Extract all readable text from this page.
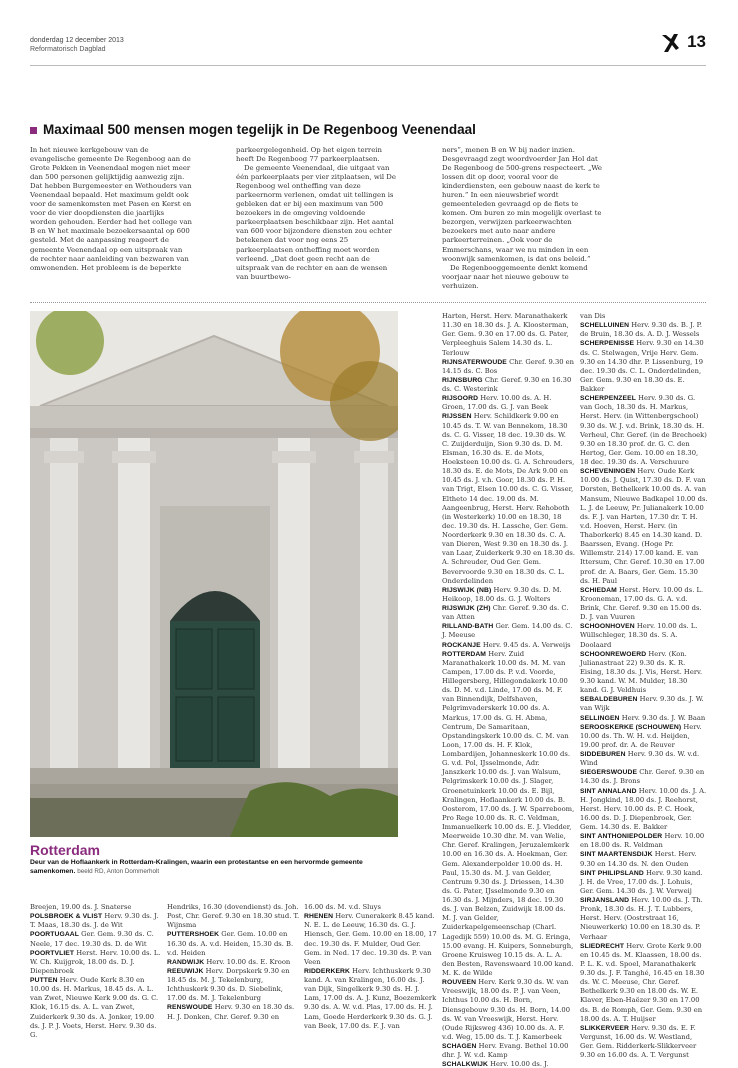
donderdag 12 december 2013
Reformatorisch Dagblad	13
Maximaal 500 mensen mogen tegelijk in De Regenboog Veenendaal

In het nieuwe kerkgebouw van de evangelische gemeente De Regenboog aan de Grote Pekken in Veenendaal mogen niet meer dan 500 personen gelijktijdig aanwezig zijn. Dat hebben Burgemeester en Wethouders van Veenendaal bepaald. Het maximum geldt ook voor de samenkomsten met Pasen en Kerst en voor de vier doopdiensten die jaarlijks worden gehouden. Eerder had het college van B en W het maximale bezoekersaantal op 600 gesteld. Met de aanpassing reageert de gemeente Veenendaal op een uitspraak van de rechter naar aanleiding van bezwaren van omwonenden. Het probleem is de beperkte

parkeergelegenheid. Op het eigen terrein heeft De Regenboog 77 parkeerplaatsen.

De gemeente Veenendaal, die uitgaat van één parkeerplaats per vier zitplaatsen, wil De Regenboog wel ontheffing van deze parkeernorm verlenen, omdat uit tellingen is gebleken dat er bij een maximum van 500 bezoekers in de omgeving voldoende parkeerplaatsen beschikbaar zijn. Het aantal van 600 voor bijzondere diensten zou echter betekenen dat voor nog eens 25 parkeerplaatsen ontheffing moet worden verleend. „Dat doet geen recht aan de uitspraak van de rechter en aan de wensen van buurtbewo-

ners”, menen B en W bij nader inzien. Desgevraagd zegt woordvoerder Jan Hol dat De Regenboog de 500-grens respecteert. „We lossen dit op door, vooral voor de kinderdiensten, een gebouw naast de kerk te huren.” In een nieuwsbrief wordt gemeenteleden gevraagd op de fiets te komen. Om buren zo min mogelijk overlast te bezorgen, verwijzen parkeerwachten bezoekers met auto naar andere parkeerterreinen. „Ook voor de Emmerschans, waar we nu minden in een woonwijk samenkomen, is dat ons beleid.”

De Regenbooggemeente denkt komend voorjaar naar het nieuwe gebouw te verhuizen.

Rotterdam
Deur van de Hoflaankerk in Rotterdam-Kralingen, waarin een protestantse en een hervormde gemeente samenkomen. beeld RD, Anton Dommerholt

Breejen, 19.00 ds. J. Snaterse

POLSBROEK & VLIST Herv. 9.30 ds. J. T. Maas, 18.30 ds. J. de Wit

POORTUGAAL Ger. Gem. 9.30 ds. C. Neele, 17 dec. 19.30 ds. D. de Wit

POORTVLIET Herst. Herv. 10.00 ds. L. W. Ch. Kuijgrok, 18.00 ds. D. J. Diepenbroek

PUTTEN Herv. Oude Kerk 8.30 en 10.00 ds. H. Markus, 18.45 ds. A. L. van Zwet, Nieuwe Kerk 9.00 ds. G. C. Klok, 16.15 ds. A. L. van Zwet, Zuiderkerk 9.30 ds. A. Jonker, 19.00 ds. J. P. J. Voets, Herst. Herv. 9.30 ds. G.

Hendriks, 16.30 (dovendienst) ds. Joh. Post, Chr. Geref. 9.30 en 18.30 stud. T. Wijnsma

PUTTERSHOEK Ger. Gem. 10.00 en 16.30 ds. A. v.d. Heiden, 15.30 ds. B. v.d. Heiden

RANDWIJK Herv. 10.00 ds. E. Kroon

REEUWIJK Herv. Dorpskerk 9.30 en 18.45 ds. M. J. Tekelenburg, Ichthuskerk 9.30 ds. D. Siebelink, 17.00 ds. M. J. Tekelenburg

RENSWOUDE Herv. 9.30 en 18.30 ds. H. J. Donken, Chr. Geref. 9.30 en

16.00 ds. M. v.d. Sluys

RHENEN Herv. Cunerakerk 8.45 kand. N. E. L. de Leeuw, 16.30 ds. G. J. Hiensch, Ger. Gem. 10.00 en 18.00, 17 dec. 19.30 ds. F. Mulder, Oud Ger. Gem. in Ned. 17 dec. 19.30 ds. P. van Veen

RIDDERKERK Herv. Ichthuskerk 9.30 kand. A. van Kralingen, 16.00 ds. J. van Dijk, Singelkerk 9.30 ds. H. J. Lam, 17.00 ds. A. J. Kunz, Boezemkerk 9.30 ds. A. W. v.d. Plas, 17.00 ds. H. J. Lam, Goede Herderkerk 9.30 ds. G. J. van Beek, 17.00 ds. F. J. van

Harten, Herst. Herv. Maranathakerk 11.30 en 18.30 ds. J. A. Kloosterman, Ger. Gem. 9.30 en 17.00 ds. G. Pater, Verpleeghuis Salem 14.30 ds. L. Terlouw

RIJNSATERWOUDE Chr. Geref. 9.30 en 14.15 ds. C. Bos

RIJNSBURG Chr. Geref. 9.30 en 16.30 ds. C. Westerink

RIJSOORD Herv. 10.00 ds. A. H. Groen, 17.00 ds. G. J. van Beek

RIJSSEN Herv. Schildkerk 9.00 en 10.45 ds. T. W. van Bennekom, 18.30 ds. C. G. Visser, 18 dec. 19.30 ds. W. C. Zuijderduijn, Sion 9.30 ds. D. M. Elsman, 16.30 ds. E. de Mots, Hoeksteen 10.00 ds. G. A. Schreuders, 18.30 ds. E. de Mots, De Ark 9.00 en 10.45 ds. J. v.h. Goor, 18.30 ds. P. H. van Trigt, Elsen 10.00 ds. C. G. Visser, Eltheto 14 dec. 19.00 ds. M. Aangeenbrug, Herst. Herv. Rehoboth (in Westerkerk) 10.00 en 18.30, 18 dec. 19.30 ds. H. Lassche, Ger. Gem. Noorderkerk 9.30 en 18.30 ds. C. A. van Dieren, West 9.30 en 18.30 ds. J. van Laar, Zuiderkerk 9.30 en 18.30 ds. A. Schreuder, Oud Ger. Gem. Bevervoorde 9.30 en 18.30 ds. C. L. Onderdelinden

RIJSWIJK (NB) Herv. 9.30 ds. D. M. Heikoop, 18.00 ds. G. J. Wolters

RIJSWIJK (ZH) Chr. Geref. 9.30 ds. C. van Atten

RILLAND-BATH Ger. Gem. 14.00 ds. C. J. Meeuse

ROCKANJE Herv. 9.45 ds. A. Verweijs

ROTTERDAM Herv. Zuid Maranathakerk 10.00 ds. M. M. van Campen, 17.00 ds. P. v.d. Voorde, Hillegersberg, Hillegondakerk 10.00 ds. D. M. v.d. Linde, 17.00 ds. M. F. van Binnendijk, Delfshaven, Pelgrimvaderskerk 10.00 ds. A. Markus, 17.00 ds. G. H. Abma, Centrum, De Samaritaan, Opstandingskerk 10.00 ds. C. M. van Loon, 17.00 ds. H. F. Klok, Lombardijen, Johanneskerk 10.00 ds. G. v.d. Pol, IJsselmonde, Adr. Janszkerk 10.00 ds. J. van Walsum, Pelgrimskerk 10.00 ds. J. Slager, Groenetuinkerk 10.00 ds. E. Bijl, Kralingen, Hoflaankerk 10.00 ds. B. Oosterom, 17.00 ds. J. W. Sparreboom, Pro Rege 10.00 ds. R. C. Veldman, Immanuelkerk 10.00 ds. E. J. Vledder, Meerweide 10.30 dhr. M. van Welie, Chr. Geref. Kralingen, Jeruzalemkerk 10.00 en 16.30 ds. A. Hoekman, Ger. Gem. Alexanderpolder 10.00 ds. H. Paul, 15.30 ds. M. J. van Gelder, Centrum 9.30 ds. J. Driessen, 14.30 ds. G. Pater, IJsselmonde 9.30 en 16.30 ds. J. Mijnders, 18 dec. 19.30 ds. J. van Belzen, Zuidwijk 18.00 ds. M. J. van Gelder, Zuiderkapelgemeenschap (Charl. Lagedijk 559) 10.00 ds. M. G. Eringa, 15.00 evang. H. Kuipers, Sonneburgh, Groene Kruisweg 10.15 ds. A. L. A. den Besten, Ravenswaard 10.00 kand. M. K. de Wilde

ROUVEEN Herv. Kerk 9.30 ds. W. van Vreeswijk, 18.00 ds. P. J. van Veen, Ichthus 10.00 ds. H. Born, Diensgebouw 9.30 ds. H. Born, 14.00 ds. W. van Vreeswijk, Herst. Herv. (Oude Rijksweg 436) 10.00 ds. A. F. v.d. Weg, 15.00 ds. T. J. Kamerbeek

SCHAGEN Herv. Evang. Bethel 10.00 dhr. J. W. v.d. Kamp

SCHALKWIJK Herv. 10.00 ds. J.

van Dis

SCHELLUINEN Herv. 9.30 ds. B. J. P. de Bruin, 18.30 ds. A. D. J. Wessels

SCHERPENISSE Herv. 9.30 en 14.30 ds. C. Stelwagen, Vrije Herv. Gem. 9.30 en 14.30 dhr. P. Lissenburg, 19 dec. 19.30 ds. C. L. Onderdelinden, Ger. Gem. 9.30 en 18.30 ds. E. Bakker

SCHERPENZEEL Herv. 9.30 ds. G. van Goch, 18.30 ds. H. Markus, Herst. Herv. (in Wittenbergschool) 9.30 ds. W. J. v.d. Brink, 18.30 ds. H. Verheul, Chr. Geref. (in de Brechoek) 9.30 en 18.30 prof. dr. G. C. den Hertog, Ger. Gem. 10.00 en 18.30, 18 dec. 19.30 ds. A. Verschuure

SCHEVENINGEN Herv. Oude Kerk 10.00 ds. J. Quist, 17.30 ds. D. F. van Dorsten, Bethelkerk 10.00 ds. A. van Mansum, Nieuwe Badkapel 10.00 ds. L. J. de Leeuw, Pr. Julianakerk 10.00 ds. F. J. van Harten, 17.30 dr. T. H. v.d. Hoeven, Herst. Herv. (in Thaborkerk) 8.45 en 14.30 kand. D. Baarssen, Evang. (Hoge Pr. Willemstr. 214) 17.00 kand. E. van Ittersum, Chr. Geref. 10.30 en 17.00 prof. dr. A. Baars, Ger. Gem. 15.30 ds. H. Paul

SCHIEDAM Herst. Herv. 10.00 ds. L. Krooneman, 17.00 ds. G. A. v.d. Brink, Chr. Geref. 9.30 en 15.00 ds. D. J. van Vuuren

SCHOONHOVEN Herv. 10.00 ds. L. Wüllschleger, 18.30 ds. S. A. Doolaard

SCHOONREWOERD Herv. (Kon. Julianastraat 22) 9.30 ds. K. R. Eising, 18.30 ds. J. Vis, Herst. Herv. 9.30 kand. W. M. Mulder, 18.30 kand. G. J. Veldhuis

SEBALDEBUREN Herv. 9.30 ds. J. W. van Wijk

SELLINGEN Herv. 9.30 ds. J. W. Baan

SEROOSKERKE (SCHOUWEN) Herv. 10.00 ds. Th. W. H. v.d. Heijden, 19.00 prof. dr. A. de Reuver

SIDDEBUREN Herv. 9.30 ds. W. v.d. Wind

SIEGERSWOUDE Chr. Geref. 9.30 en 14.30 ds. J. Brons

SINT ANNALAND Herv. 10.00 ds. J. A. H. Jongkind, 18.00 ds. J. Reehorst, Herst. Herv. 10.00 ds. P. C. Hoek, 16.00 ds. D. J. Diepenbroek, Ger. Gem. 14.30 ds. E. Bakker

SINT ANTHONIEPOLDER Herv. 10.00 en 18.00 ds. R. Veldman

SINT MAARTENSDIJK Herst. Herv. 9.30 en 14.30 ds. N. den Ouden

SINT PHILIPSLAND Herv. 9.30 kand. J. H. de Vree, 17.00 ds. J. Lohuis, Ger. Gem. 14.30 ds. J. W. Verweij

SIRJANSLAND Herv. 10.00 ds. J. Th. Pronk, 18.30 ds. H. J. T. Lubbers, Herst. Herv. (Oostrstraat 16, Nieuwerkerk) 10.00 en 18.30 ds. P. Verhaar

SLIEDRECHT Herv. Grote Kerk 9.00 en 10.45 ds. M. Klaassen, 18.00 ds. P. L. K. v.d. Spoel, Maranathakerk 9.30 ds. J. F. Tanghé, 16.45 en 18.30 ds. W. C. Meeuse, Chr. Geref. Bethelkerk 9.30 en 18.00 ds. W. E. Klaver, Eben-Haëzer 9.30 en 17.00 ds. B. de Romph, Ger. Gem. 9.30 en 18.00 ds. A. T. Huijser

SLIKKERVEER Herv. 9.30 ds. E. F. Vergunst, 16.00 ds. W. Westland, Ger. Gem. Ridderkerk-Slikkerveer 9.30 en 16.00 ds. A. T. Vergunst
